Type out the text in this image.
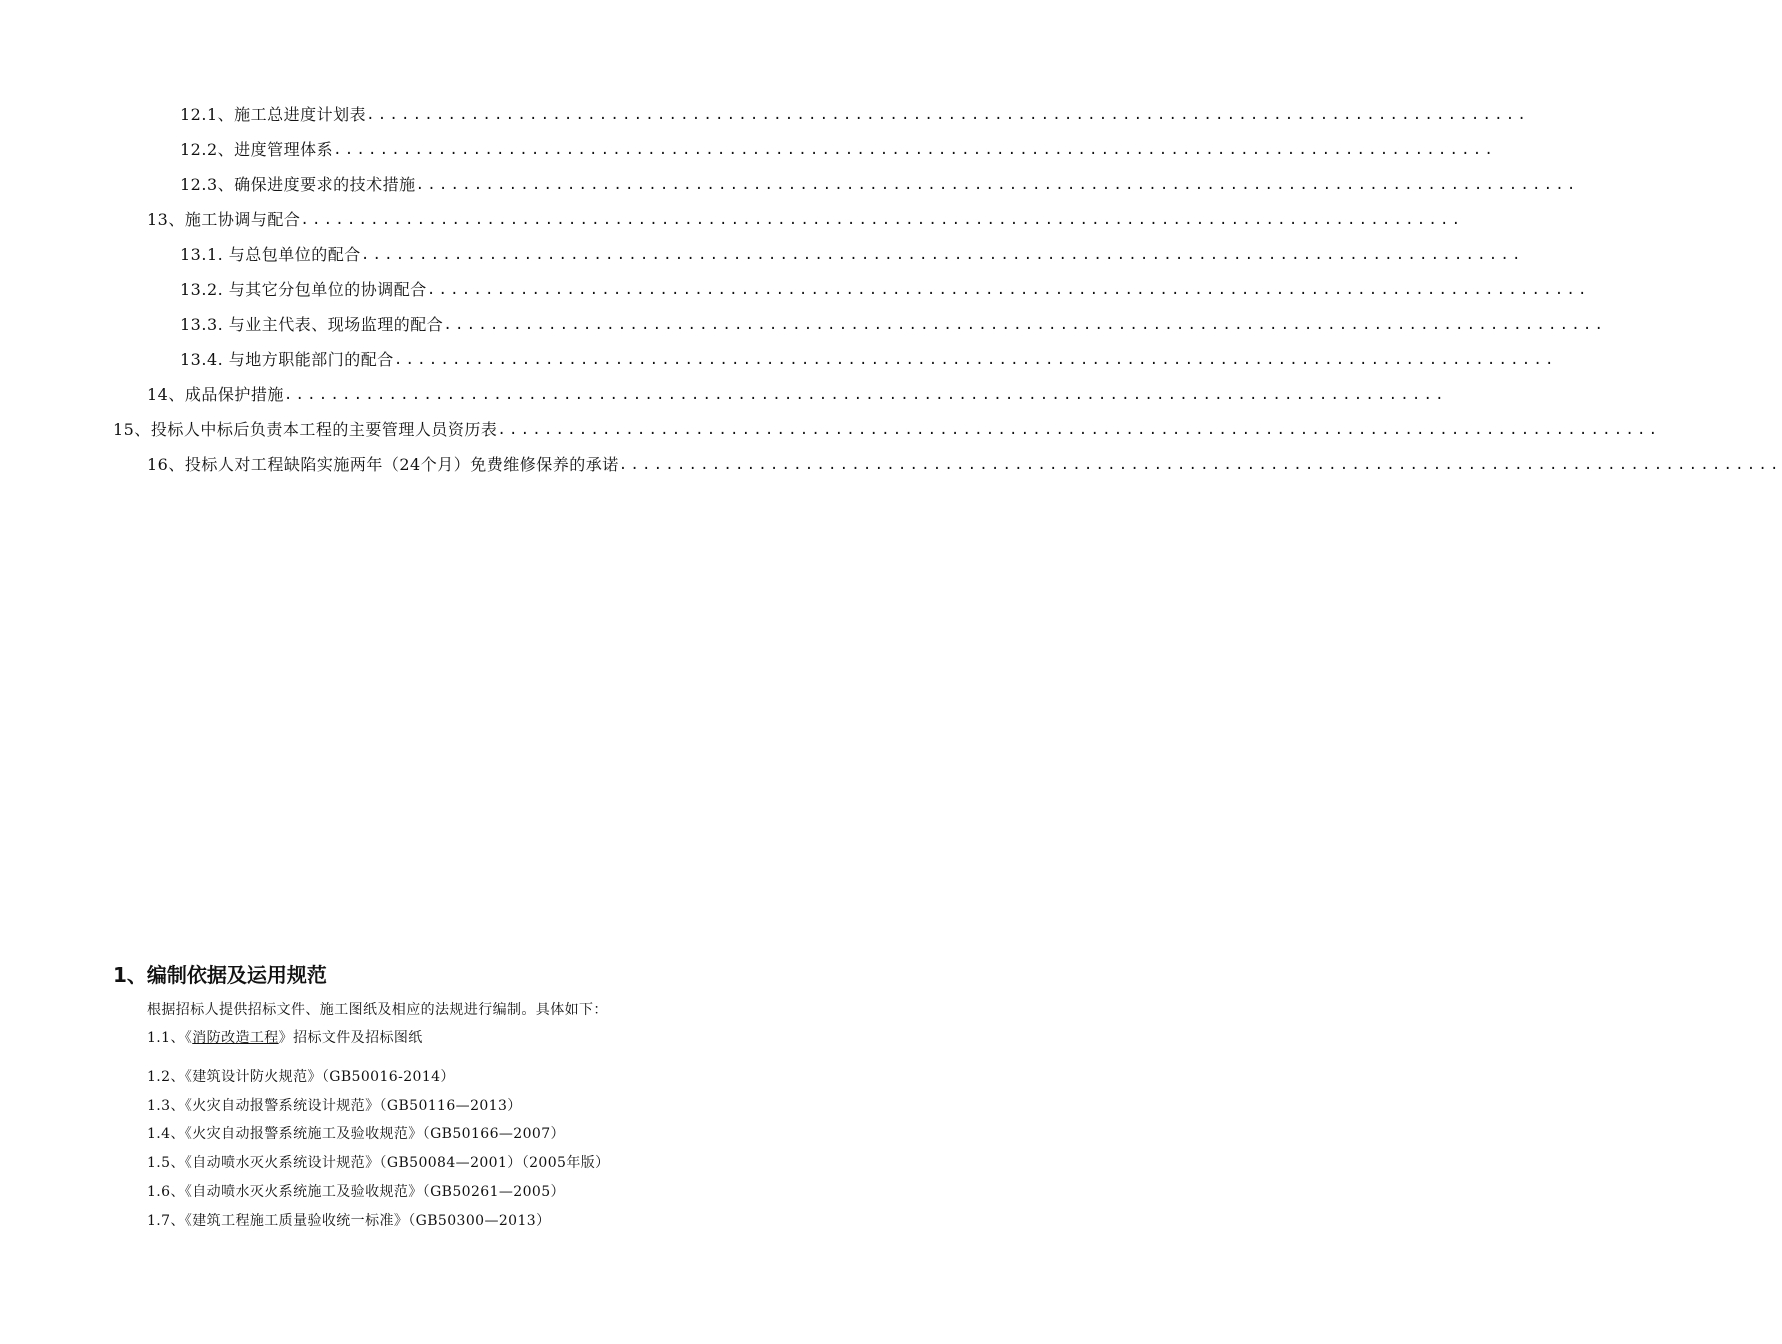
12.1、施工总进度计划表 ....................................................................................................
12.2、进度管理体系 ....................................................................................................
12.3、确保进度要求的技术措施 ....................................................................................................
13、施工协调与配合 ....................................................................................................
13.1. 与总包单位的配合 ....................................................................................................
13.2. 与其它分包单位的协调配合 ....................................................................................................
13.3. 与业主代表、现场监理的配合 ....................................................................................................
13.4. 与地方职能部门的配合 ....................................................................................................
14、成品保护措施 ....................................................................................................
15、投标人中标后负责本工程的主要管理人员资历表 ....................................................................................................
16、投标人对工程缺陷实施两年（24个月）免费维修保养的承诺 ....................................................................................................
1、编制依据及运用规范
根据招标人提供招标文件、施工图纸及相应的法规进行编制。具体如下：
1.1、《消防改造工程》招标文件及招标图纸
1.2、《建筑设计防火规范》（GB50016-2014）
1.3、《火灾自动报警系统设计规范》（GB50116—2013）
1.4、《火灾自动报警系统施工及验收规范》（GB50166—2007）
1.5、《自动喷水灭火系统设计规范》（GB50084—2001）（2005年版）
1.6、《自动喷水灭火系统施工及验收规范》（GB50261—2005）
1.7、《建筑工程施工质量验收统一标准》（GB50300—2013）
